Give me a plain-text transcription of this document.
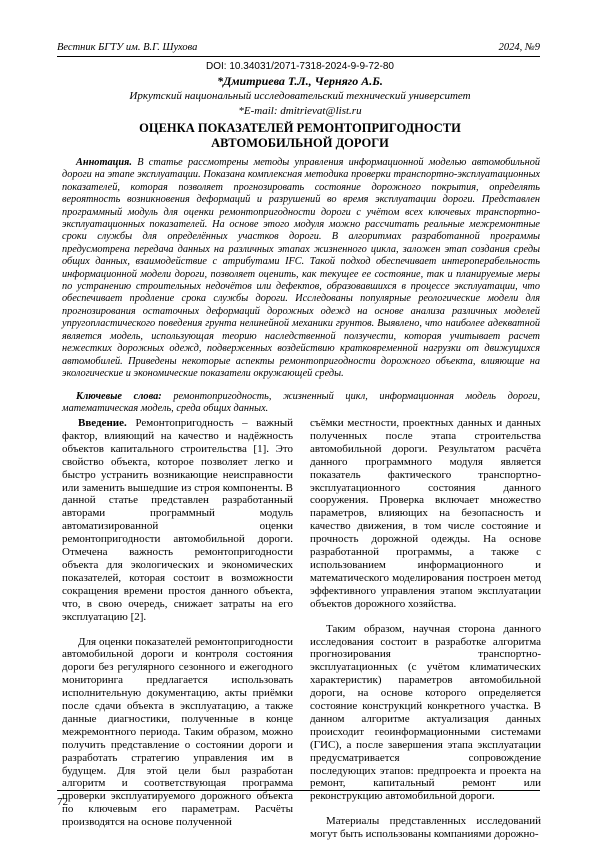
Вестник БГТУ им. В.Г. Шухова	2024, №9
DOI: 10.34031/2071-7318-2024-9-9-72-80
*Дмитриева Т.Л., Черняго А.Б.
Иркутский национальный исследовательский технический университет
*E-mail: dmitrievat@list.ru
ОЦЕНКА ПОКАЗАТЕЛЕЙ РЕМОНТОПРИГОДНОСТИ
АВТОМОБИЛЬНОЙ ДОРОГИ
Аннотация. В статье рассмотрены методы управления информационной моделью автомобильной дороги на этапе эксплуатации. Показана комплексная методика проверки транспортно-эксплуатационных показателей, которая позволяет прогнозировать состояние дорожного покрытия, определять вероятность возникновения деформаций и разрушений во время эксплуатации дороги. Представлен программный модуль для оценки ремонтопригодности дороги с учётом всех ключевых транспортно-эксплуатационных показателей. На основе этого модуля можно рассчитать реальные межремонтные сроки службы для определённых участков дороги. В алгоритмах разработанной программы предусмотрена передача данных на различных этапах жизненного цикла, заложен этап создания среды общих данных, взаимодействие с атрибутами IFC. Такой подход обеспечивает интероперабельность информационной модели дороги, позволяет оценить, как текущее ее состояние, так и планируемые меры по устранению строительных недочётов или дефектов, образовавшихся в процессе эксплуатации, что обеспечивает продление срока службы дороги. Исследованы популярные реологические модели для прогнозирования остаточных деформаций дорожных одежд на основе анализа различных моделей упругопластического поведения грунта нелинейной механики грунтов. Выявлено, что наиболее адекватной является модель, использующая теорию наследственной ползучести, которая учитывает расчет нежестких дорожных одежд, подверженных воздействию кратковременной нагрузки от движущихся автомобилей. Приведены некоторые аспекты ремонтопригодности дорожного объекта, влияющие на экологические и экономические показатели окружающей среды.
Ключевые слова: ремонтопригодность, жизненный цикл, информационная модель дороги, математическая модель, среда общих данных.

Введение. Ремонтопригодность – важный фактор, влияющий на качество и надёжность объектов капитального строительства [1]. Это свойство объекта, которое позволяет легко и быстро устранить возникающие неисправности или заменить вышедшие из строя компоненты. В данной статье представлен разработанный авторами программный модуль автоматизированной оценки ремонтопригодности автомобильной дороги. Отмечена важность ремонтопригодности объекта для экологических и экономических показателей, которая состоит в возможности сокращения времени простоя данного объекта, что, в свою очередь, снижает затраты на его эксплуатацию [2].

Для оценки показателей ремонтопригодности автомобильной дороги и контроля состояния дороги без регулярного сезонного и ежегодного мониторинга предлагается использовать исполнительную документацию, акты приёмки после сдачи объекта в эксплуатацию, а также данные диагностики, полученные в конце межремонтного периода. Таким образом, можно получить представление о состоянии дороги и разработать стратегию управления им в будущем. Для этой цели был разработан алгоритм и соответствующая программа проверки эксплуатируемого дорожного объекта по ключевым его параметрам. Расчёты производятся на основе полученной

съёмки местности, проектных данных и данных полученных после этапа строительства автомобильной дороги. Результатом расчёта данного программного модуля является показатель фактического транспортно-эксплуатационного состояния данного сооружения. Проверка включает множество параметров, влияющих на безопасность и качество движения, в том числе состояние и прочность дорожной одежды. На основе разработанной программы, а также с использованием информационного и математического моделирования построен метод эффективного управления этапом эксплуатации объектов дорожного хозяйства.

Таким образом, научная сторона данного исследования состоит в разработке алгоритма прогнозирования транспортно-эксплуатационных (с учётом климатических характеристик) параметров автомобильной дороги, на основе которого определяется состояние конструкций конкретного участка. В данном алгоритме актуализация данных происходит геоинформационными системами (ГИС), а после завершения этапа эксплуатации предусматривается сопровождение последующих этапов: предпроекта и проекта на ремонт, капитальный ремонт или реконструкцию автомобильной дороги.

Материалы представленных исследований могут быть использованы компаниями дорожно-

72
